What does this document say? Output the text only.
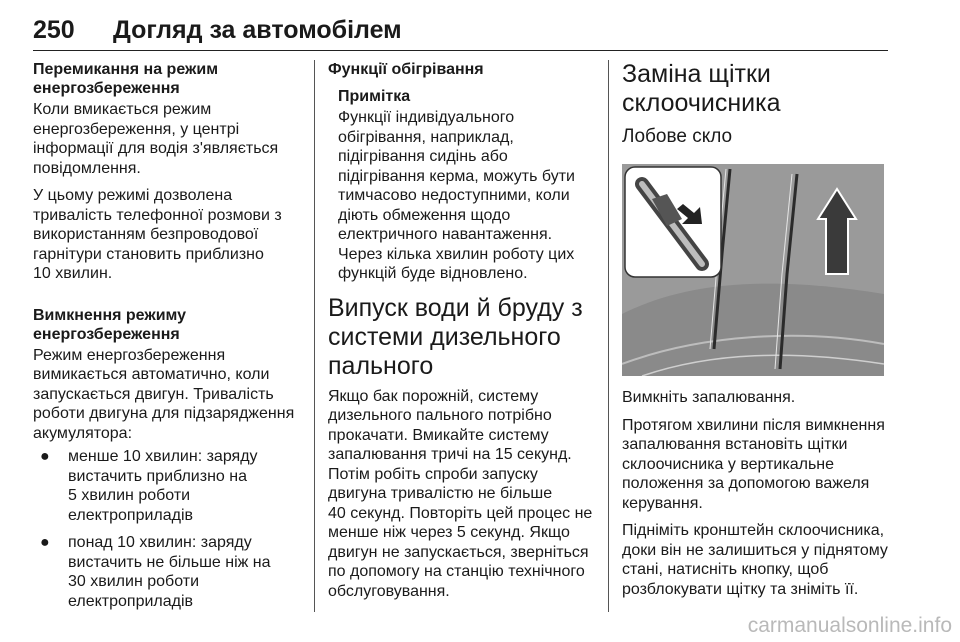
250 Догляд за автомобілем
Перемикання на режим
енергозбереження
Коли вмикається режим
енергозбереження, у центрі
інформації для водія з'являється
повідомлення.
У цьому режимі дозволена
тривалість телефонної розмови з
використанням безпроводової
гарнітури становить приблизно
10 хвилин.
Вимкнення режиму
енергозбереження
Режим енергозбереження
вимикається автоматично, коли
запускається двигун. Тривалість
роботи двигуна для підзарядження
акумулятора:
● менше 10 хвилин: заряду
вистачить приблизно на
5 хвилин роботи
електроприладів
● понад 10 хвилин: заряду
вистачить не більше ніж на
30 хвилин роботи
електроприладів
Функції обігрівання
Примітка
Функції індивідуального
обігрівання, наприклад,
підігрівання сидінь або
підігрівання керма, можуть бути
тимчасово недоступними, коли
діють обмеження щодо
електричного навантаження.
Через кілька хвилин роботу цих
функцій буде відновлено.
Випуск води й бруду з
системи дизельного
пального
Якщо бак порожній, систему
дизельного пального потрібно
прокачати. Вмикайте систему
запалювання тричі на 15 секунд.
Потім робіть спроби запуску
двигуна тривалістю не більше
40 секунд. Повторіть цей процес не
менше ніж через 5 секунд. Якщо
двигун не запускається, зверніться
по допомогу на станцію технічного
обслуговування.
Заміна щітки
склоочисника
Лобове скло
Вимкніть запалювання.
Протягом хвилини після вимкнення
запалювання встановіть щітки
склоочисника у вертикальне
положення за допомогою важеля
керування.
Підніміть кронштейн склоочисника,
доки він не залишиться у піднятому
стані, натисніть кнопку, щоб
розблокувати щітку та зніміть її.
carmanualsonline.info
